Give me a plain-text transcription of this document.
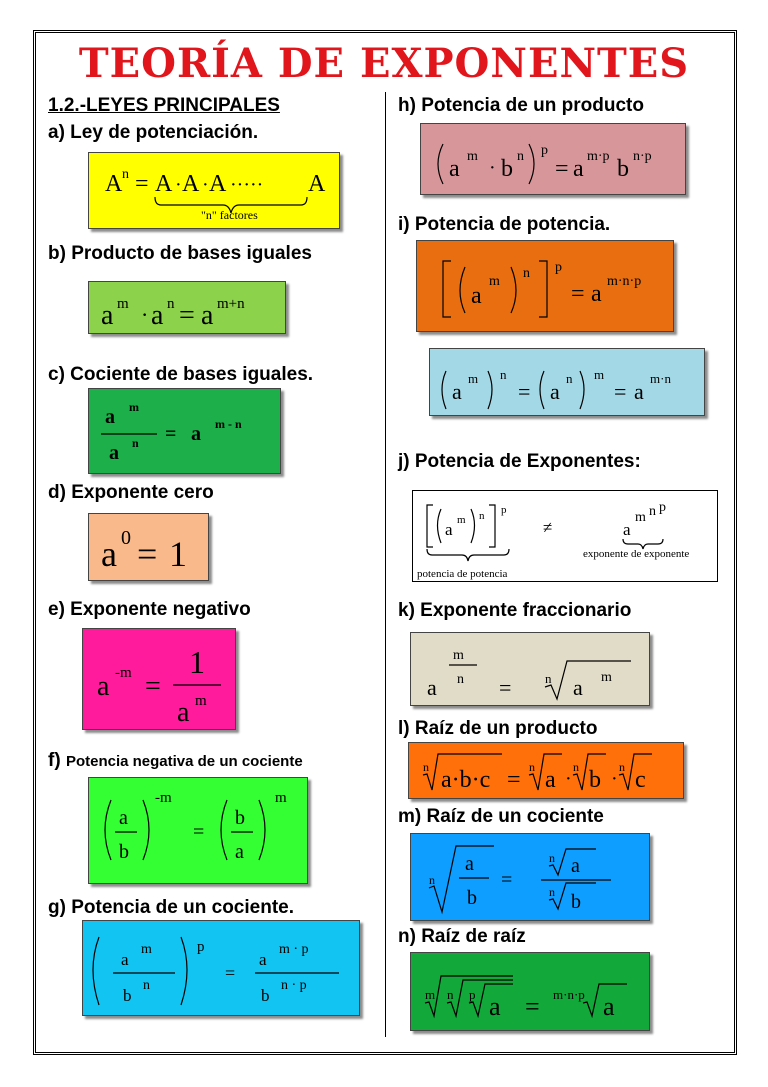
TEORÍA DE EXPONENTES
1.2.-LEYES PRINCIPALES
a) Ley de potenciación.
A n = A · A · A ····· A
"n" factores
b) Producto de bases iguales
a m · a n = a m+n
c) Cociente de bases iguales.
a m
a n = a m - n
d) Exponente cero
a 0 = 1
e) Exponente negativo
a -m =
1
a m
f) Potencia negativa de un cociente
a
b
-m
=
b
a
m
g) Potencia de un cociente.
a
m
b
n
p
=
a
m · p
b
n · p
h) Potencia de un producto
a m
· b n p
= a m·p b n·p
i) Potencia de potencia.
a
m
n p
= a m·n·p
a
m n
= a
n m
= a
m·n
j) Potencia de Exponentes:
a m n p
potencia de potencia
≠	a
m n p
exponente de exponente
k) Exponente fraccionario
a
m
n =	n a m
l) Raíz de un producto
n a·b·c = n a ·
n b ·
n c
m) Raíz de un cociente
n
a
b
=
n a
n b
n) Raíz de raíz
m n p a = m·n·p a
